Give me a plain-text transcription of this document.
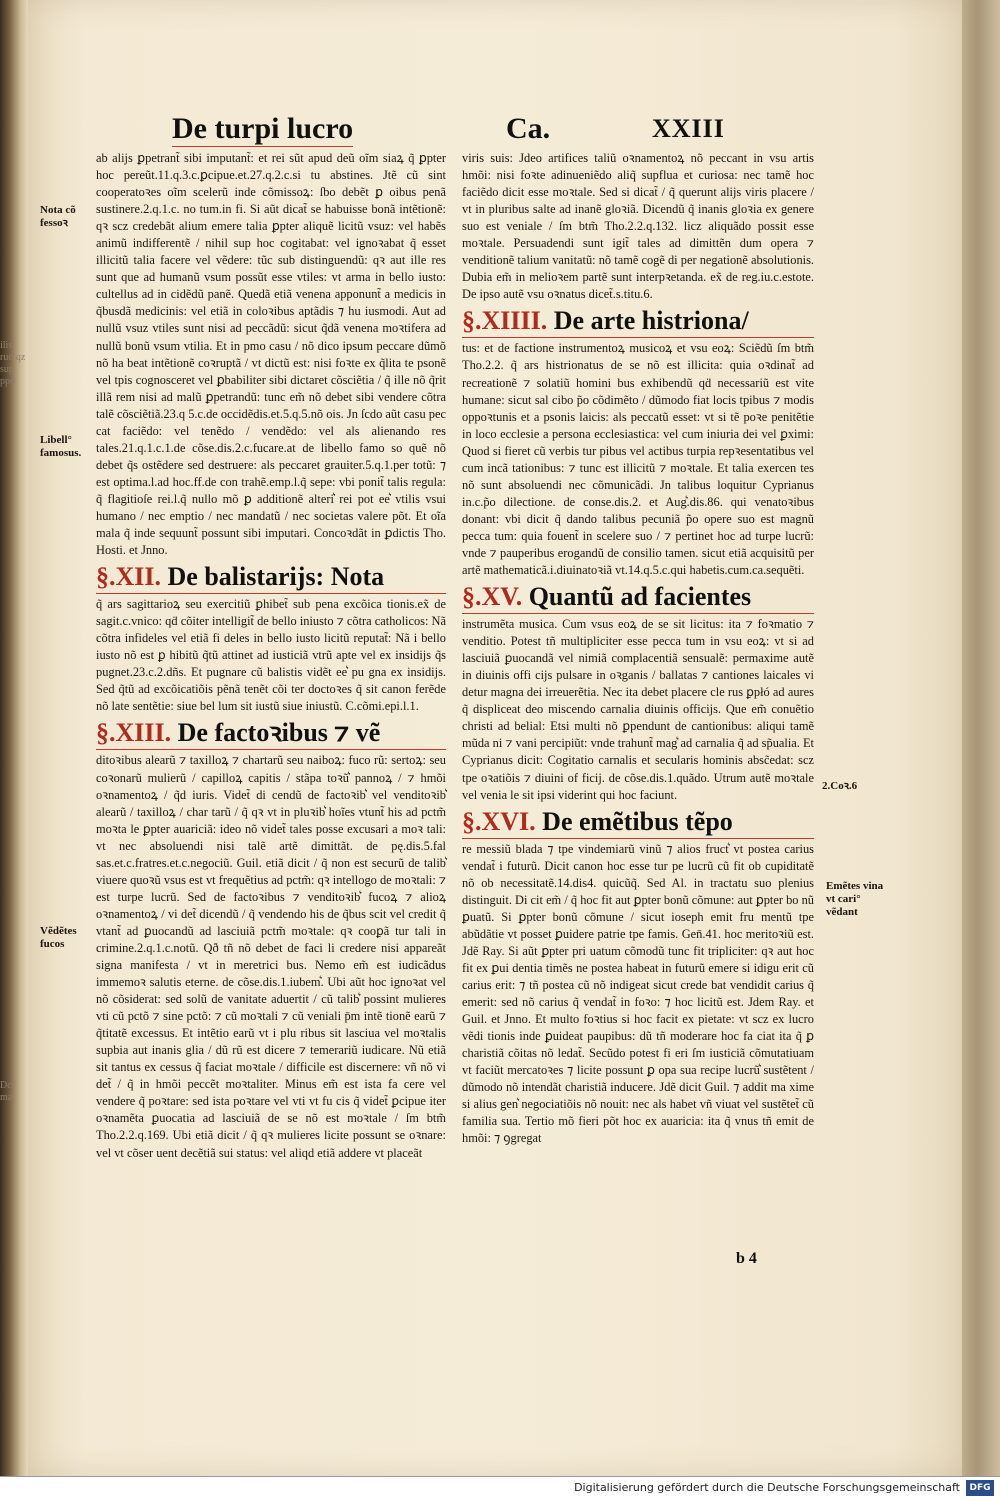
De turpi lucro	Ca.	XXIII
ilis ruo͛ qz sup ppo
Nota cõ fessoꝛ
Libell° famosus.
Vẽdẽtes fucos
Dcĩ ma
2.Coꝛ.6
Emẽtes vina vt cari° vẽdant

ab alijs ꝑpetrant̃ sibi imputant̃: et rei sũt apud deũ oĩm siaꝝ q̃ ꝑpter hoc pereũt.11.q.3.c.ꝑcipue.et.27.q.2.c.si tu abstines. Jtẽ cũ sint cooperatoꝛes oĩm scelerũ inde cõmissoꝝ: ſbo debẽt ꝑ oibus penã sustinere.2.q.1.c. no tum.in fi. Si aũt dicat̃ se habuisse bonã intẽtionẽ: qꝛ scz credebãt alium emere talia ꝑpter aliquẽ licitũ vsuz: vel habẽs animũ indifferentẽ / nihil sup hoc cogitabat: vel ignoꝛabat q̃ esset illicitũ talia facere vel vẽdere: tũc sub distinguendũ: qꝛ aut ille res sunt que ad humanũ vsum possũt esse vtiles: vt arma in bello iusto: cultellus ad in cidẽdũ panẽ. Quedã etiã venena apponunt̃ a medicis in q̃busdã medicinis: vel etiã in coloꝛibus aptãdis ⁊ hu iusmodi. Aut ad nullũ vsuz vtiles sunt nisi ad peccãdũ: sicut q̃dã venena moꝛtifera ad nullũ bonũ vsum vtilia. Et in pmo casu / nõ dico ipsum peccare dũmõ nõ ha beat intẽtionẽ coꝛruptã / vt dictũ est: nisi foꝛte ex q̃lita te psonẽ vel tpis cognosceret vel ꝑbabiliter sibi dictaret cõsciẽtia / q̃ ille nõ q̃rit illã rem nisi ad malũ ꝑpetrandũ: tunc em̃ nõ debet sibi vendere cõtra talẽ cõsciẽtiã.23.q 5.c.de occidẽdis.et.5.q.5.nõ ois. Jn ſcdo aũt casu pec cat faciẽdo: vel tenẽdo / vendẽdo: vel als alienando res tales.21.q.1.c.1.de cõse.dis.2.c.fucare.at de libello famo so quẽ nõ debet q̃s ostẽdere sed destruere: als peccaret grauiter.5.q.1.per totũ: ⁊ est optima.l.ad hoc.ff.de con trahẽ.emp.l.q̃ sepe: vbi ponit̃ talis regula: q̃ flagitioſe rei.l.q̃ nullo mõ ꝑ additionẽ alteri͛ rei pot ee͛ vtilis vsui humano / nec emptio / nec mandatũ / nec societas valere põt. Et oĩa mala q̃ inde sequunt̃ possunt sibi imputari. Concoꝛdãt in ꝑdictis Tho. Hosti. et Jnno.

§.XII. De balistarijs: Nota

q̃ ars sagittarioꝝ seu exercitiũ ꝑhibet̃ sub pena excõica tionis.ex̃ de sagit.c.vnico: qḋ cõiter intelligit̃ de bello iniusto ⁊ cõtra catholicos: Nã cõtra infideles vel etiã fi deles in bello iusto licitũ reputat̃: Nã i bello iusto nõ est ꝑ hibitũ q̃tũ attinet ad iusticiã vtrũ apte vel ex insidijs q̃s pugnet.23.c.2.dñs. Et pugnare cũ balistis vidẽt ee͛ pu gna ex insidijs. Sed q̃tũ ad excõicatiõis pẽnã tenẽt cõi ter doctoꝛes q̃ sit canon ferẽde nõ late sentẽtie: siue bel lum sit iustũ siue iniustũ. C.cõmi.epi.l.1.

§.XIII. De factoꝛibus ⁊ vẽ

ditoꝛibus alearũ ⁊ taxilloꝝ ⁊ chartarũ seu naiboꝝ: fuco rũ: sertoꝝ: seu coꝛonarũ mulierũ / capilloꝝ capitis / stãpa toꝛũ͛ pannoꝝ / ⁊ hmõi oꝛnamentoꝝ / q̃d iuris. Videt̃ di cendũ de factoꝛib͛ vel venditoꝛib͛ alearũ / taxilloꝝ / char tarũ / q̃ qꝛ vt in pluꝛib͛ hoĩes vtunt̃ his ad pctm̃ moꝛta le ꝑpter auariciã: ideo nõ videt̃ tales posse excusari a moꝛ tali: vt nec absoluendi nisi talẽ artẽ dimittãt. de pę.dis.5.fal sas.et.c.fratres.et.c.negociũ. Guil. etiã dicit / q̃ non est securũ de talib͛ viuere quoꝛũ vsus est vt frequẽtius ad pctm̃: qꝛ intellogo de moꝛtali: ⁊ est turpe lucrũ. Sed de factoꝛibus ⁊ venditoꝛib͛ fucoꝝ ⁊ alioꝝ oꝛnamentoꝝ / vi det̃ dicendũ / q̃ vendendo his de q̃bus scit vel credit q̃ vtant̃ ad ꝑuocandũ ad lasciuiã pctm̃ moꝛtale: qꝛ cooꝑã tur tali in crimine.2.q.1.c.notũ. Qð tñ nõ debet de faci li credere nisi appareãt signa manifesta / vt in meretrici bus. Nemo em̃ est iudicãdus immemoꝛ salutis eterne. de cõse.dis.1.iubem͛. Ubi aũt hoc ignoꝛat vel nõ cõsiderat: sed solũ de vanitate aduertit / cũ talib͛ possint mulieres vti cũ pctõ ⁊ sine pctõ: ⁊ cũ moꝛtali ⁊ cũ veniali p̄m intẽ tionẽ earũ ⁊ q̃titatẽ excessus. Et intẽtio earũ vt i plu ribus sit lasciua vel moꝛtalis supbia aut inanis glia / dũ rũ est dicere ⁊ temerariũ iudicare. Nũ etiã sit tantus ex cessus q̃ faciat moꝛtale / difficile est discernere: vñ nõ vi det̃ / q̃ in hmõi peccẽt moꝛtaliter. Minus em̃ est ista fa cere vel vendere q̃ poꝛtare: sed ista poꝛtare vel vti vt fu cis q̃ videt̃ ꝑcipue iter oꝛnamẽta ꝑuocatia ad lasciuiã de se nõ est moꝛtale / ſm btm̃ Tho.2.2.q.169. Ubi etiã dicit / q̃ qꝛ mulieres licite possunt se oꝛnare: vel vt cõser uent decẽtiã sui status: vel aliqd etiã addere vt placeãt

viris suis: Jdeo artifices taliũ oꝛnamentoꝝ nõ peccant in vsu artis hmõi: nisi foꝛte adinueniẽdo aliq̃ supflua et curiosa: nec tamẽ hoc faciẽdo dicit esse moꝛtale. Sed si dicat̃ / q̃ querunt alijs viris placere / vt in pluribus salte ad inanẽ gloꝛiã. Dicendũ q̃ inanis gloꝛia ex genere suo est veniale / ſm btm̃ Tho.2.2.q.132. licz aliquãdo possit esse moꝛtale. Persuadendi sunt igit̃ tales ad dimittẽn dum opera ⁊ venditionẽ talium vanitatũ: nõ tamẽ cogẽ di per negationẽ absolutionis. Dubia em̃ in melioꝛem partẽ sunt interpꝛetanda. ex̃ de reg.iu.c.estote. De ipso autẽ vsu oꝛnatus dicet̃.s.titu.6.

§.XIIII. De arte histriona/

tus: et de factione instrumentoꝝ musicoꝝ et vsu eoꝝ: Sciẽdũ ſm btm̃ Tho.2.2. q̃ ars histrionatus de se nõ est illicita: quia oꝛdinat̃ ad recreationẽ ⁊ solatiũ homini bus exhibendũ qḋ necessariũ est vite humane: sicut sal cibo p̃o cõdimẽto / dũmodo fiat locis tpibus ⁊ modis oppoꝛtunis et a psonis laicis: als peccatũ esset: vt si tẽ poꝛe penitẽtie in loco ecclesie a persona ecclesiastica: vel cum iniuria dei vel ꝑximi: Quod si fieret cũ verbis tur pibus vel actibus turpia repꝛesentatibus vel cum incã tationibus: ⁊ tunc est illicitũ ⁊ moꝛtale. Et talia exercen tes nõ sunt absoluendi nec cõmunicãdi. Jn talibus loquitur Cyprianus in.c.p̃o dilectione. de conse.dis.2. et Aug͛.dis.86. qui venatoꝛibus donant: vbi dicit q̃ dando talibus pecuniã p̃o opere suo est magnũ pecca tum: quia fouent̃ in scelere suo / ⁊ pertinet hoc ad turpe lucrũ: vnde ⁊ pauperibus erogandũ de consilio tamen. sicut etiã acquisitũ per artẽ mathematicã.i.diuinatoꝛiã vt.14.q.5.c.qui habetis.cum.ca.sequẽti.

§.XV. Quantũ ad facientes

instrumẽta musica. Cum vsus eoꝝ de se sit licitus: ita ⁊ foꝛmatio ⁊ venditio. Potest tñ multipliciter esse pecca tum in vsu eoꝝ: vt si ad lasciuiã ꝑuocandã vel nimiã complacentiã sensualẽ: permaxime autẽ in diuinis offi cijs pulsare in oꝛganis / ballatas ⁊ cantiones laicales vi detur magna dei irreuerẽtia. Nec ita debet placere cle rus ꝑpłó ad aures q̃ displiceat deo miscendo carnalia diuinis officijs. Que em̃ conuẽtio christi ad belial: Etsi multi nõ ꝑpendunt de cantionibus: aliqui tamẽ mũda ni ⁊ vani percipiũt: vnde trahunt̃ mag͛ ad carnalia q̃ ad sp̃ualia. Et Cyprianus dicit: Cogitatio carnalis et secularis hominis absc̃edat: scz tpe oꝛatiõis ⁊ diuini of ficij. de cõse.dis.1.quãdo. Utrum autẽ moꝛtale vel venia le sit ipsi viderint qui hoc faciunt.

§.XVI. De emẽtibus tẽpo

re messiũ blada ⁊ tpe vindemiarũ vinũ ⁊ alios fruct͛ vt postea carius vendat̃ i futurũ. Dicit canon hoc esse tur pe lucrũ cũ fit ob cupiditatẽ nõ ob necessitatẽ.14.dis4. quicũq̃. Sed Al. in tractatu suo plenius distinguit. Di cit em̃ / q̃ hoc fit aut ꝑpter bonũ cõmune: aut ꝑpter bo nũ ꝑuatũ. Si ꝑpter bonũ cõmune / sicut ioseph emit fru mentũ tpe abũdãtie vt posset ꝑuidere patrie tpe famis. Gen̄.41. hoc meritoꝛiũ est. Jdẽ Ray. Si aũt ꝑpter pri uatum cõmodũ tunc fit tripliciter: qꝛ aut hoc fit ex ꝑui dentia timẽs ne postea habeat in futurũ emere si idigu erit cũ carius erit: ⁊ tñ postea cũ nõ indigeat sicut crede bat vendidit carius q̃ emerit: sed nõ carius q̃ vendat̃ in foꝛo: ⁊ hoc licitũ est. Jdem Ray. et Guil. et Jnno. Et multo foꝛtius si hoc facit ex pietate: vt scz ex lucro vẽdi tionis inde ꝑuideat paupibus: dũ tñ moderare hoc fa ciat ita q̃ ꝑ charistiã cõitas nõ ledat̃. Secũdo potest fi eri ſm iusticiã cõmutatiuam vt faciũt mercatoꝛes ⁊ licite possunt ꝑ opa sua recipe lucrũ͛ sustẽtent / dũmodo nõ intendãt charistiã inducere. Jdẽ dicit Guil. ⁊ addit ma xime si alius gen͛ negociatiõis nõ nouit: nec als habet vñ viuat vel sustẽtet̃ cũ familia sua. Tertio mõ fieri põt hoc ex auaricia: ita q̃ vnus tñ emit de hmõi: ⁊ ꝯgregat

b 4
Digitalisierung gefördert durch die Deutsche Forschungsgemeinschaft	DFG
